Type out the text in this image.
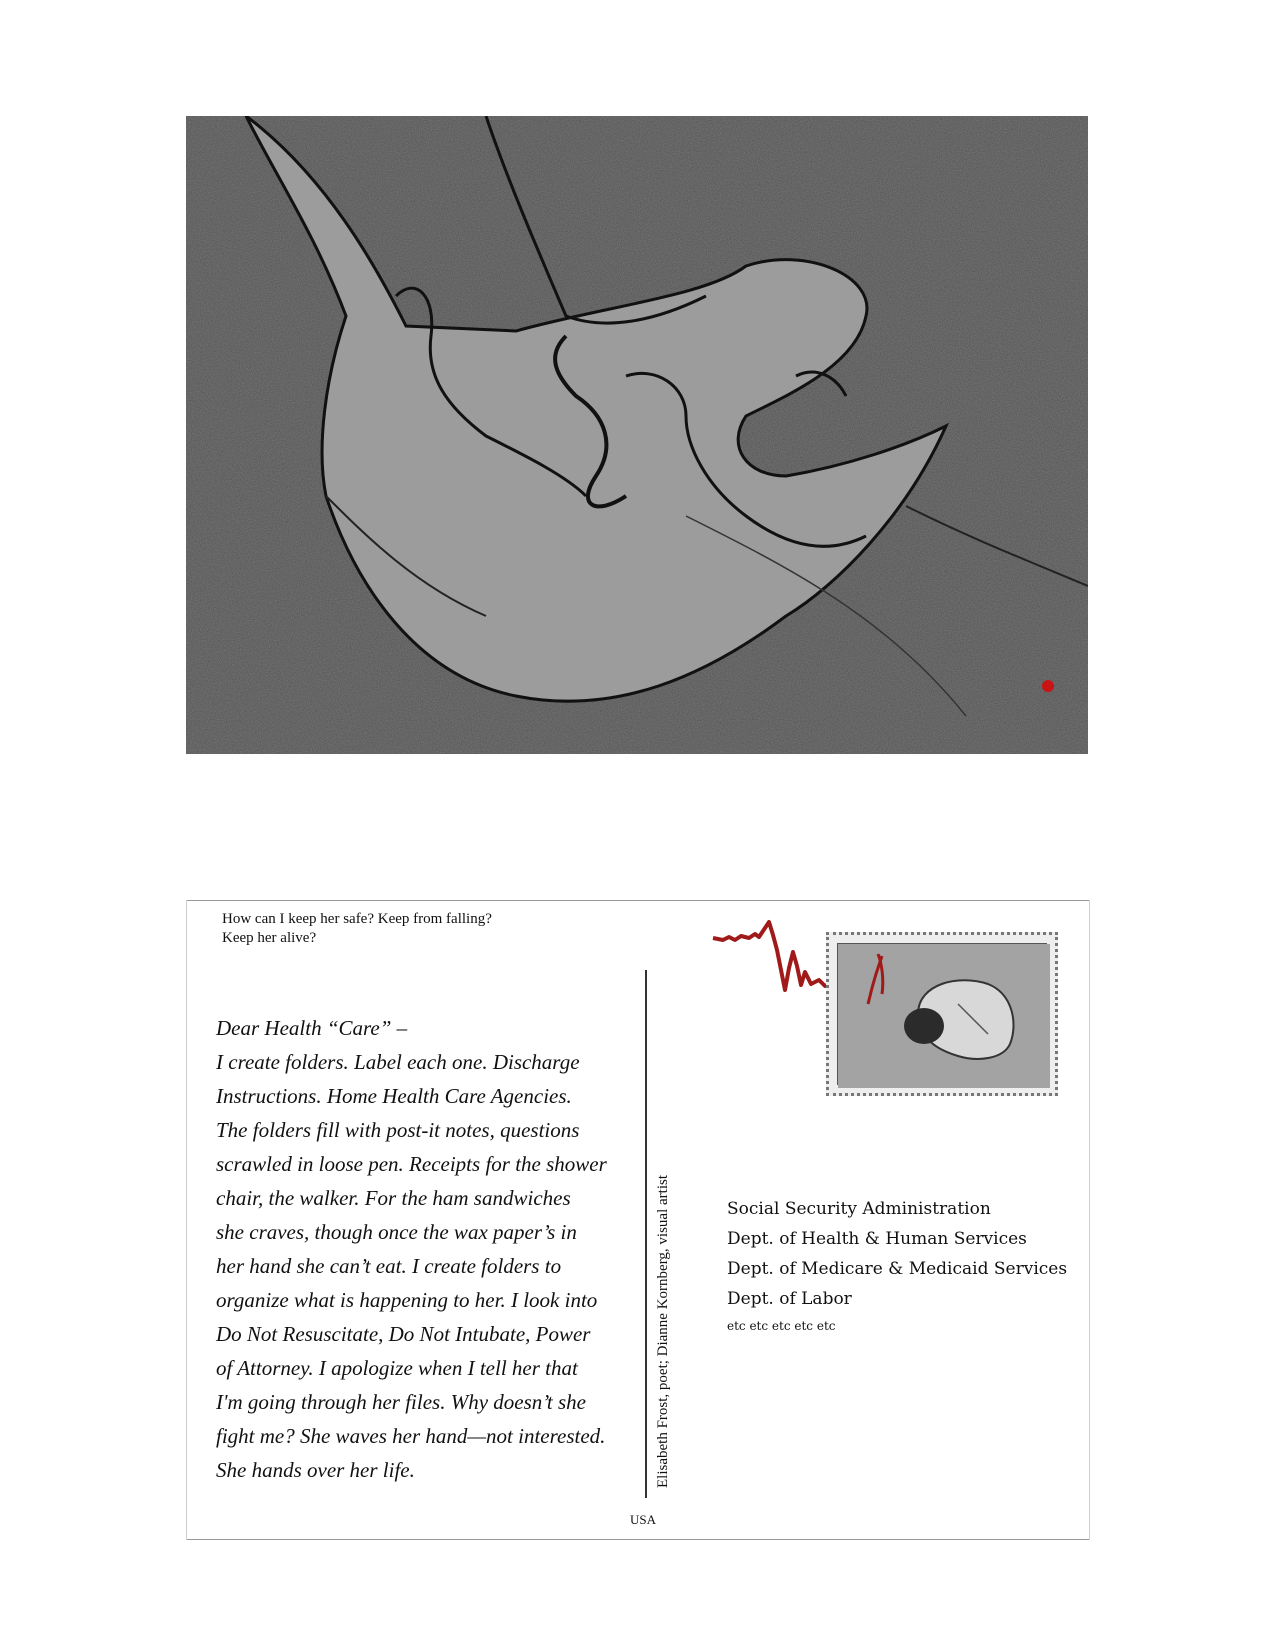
How can I keep her safe? Keep from falling?
Keep her alive?

Dear Health “Care” –

I create folders. Label each one. Discharge

Instructions. Home Health Care Agencies.

The folders fill with post-it notes, questions

scrawled in loose pen. Receipts for the shower

chair, the walker. For the ham sandwiches

she craves, though once the wax paper’s in

her hand she can’t eat. I create folders to

organize what is happening to her. I look into

Do Not Resuscitate, Do Not Intubate, Power

of Attorney. I apologize when I tell her that

I'm going through her files. Why doesn’t she

fight me? She waves her hand—not interested.

She hands over her life.	Elisabeth Frost, poet; Dianne Kornberg, visual artist
USA
Social Security Administration
Dept. of Health & Human Services
Dept. of Medicare & Medicaid Services
Dept. of Labor
etc etc etc etc etc
